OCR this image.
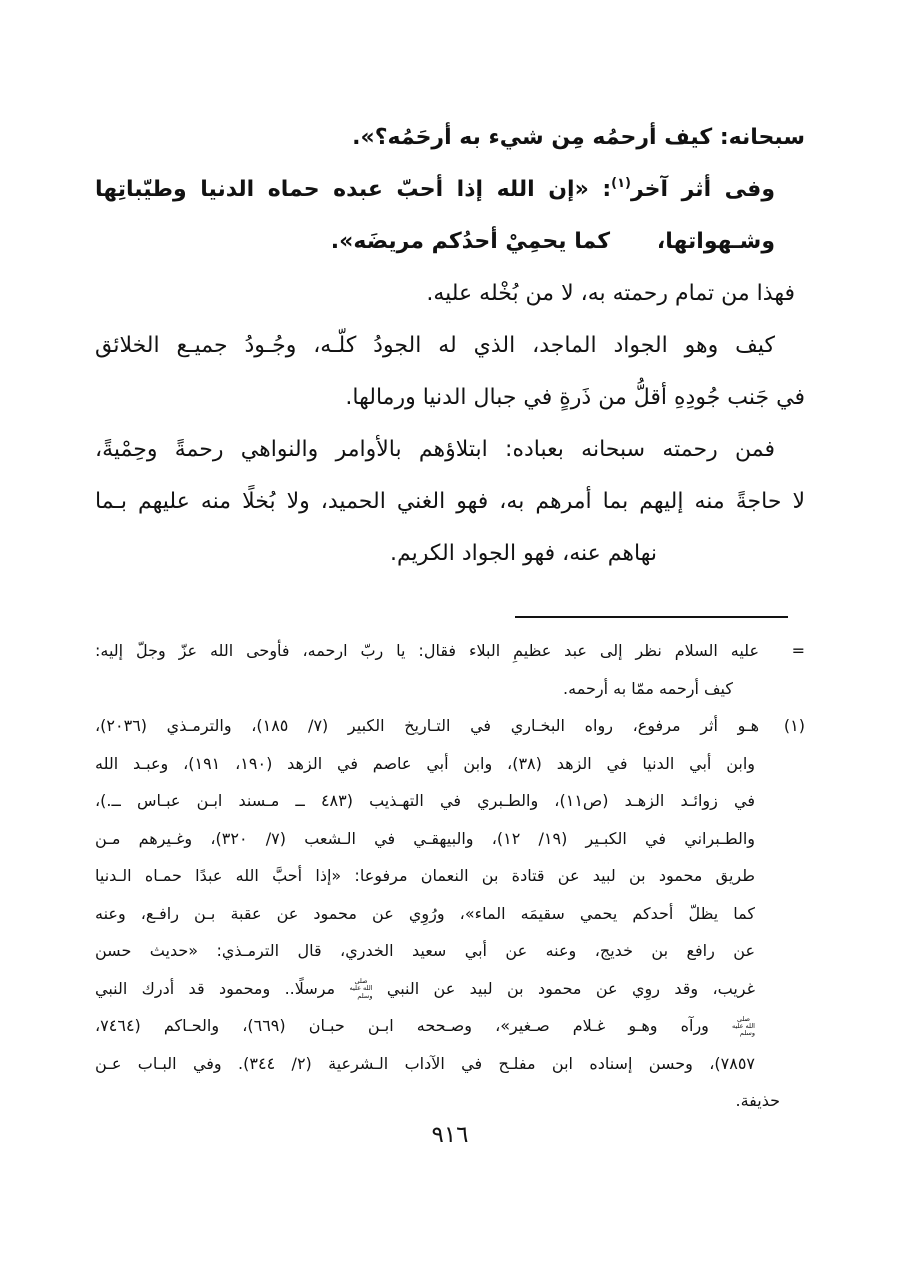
سبحانه: كيف أرحمُه مِن شيء به أرحَمُه؟».
وفى أثر آخر$^{(١)}$: «إن الله إذا أحبّ عبده حماه الدنيا وطيّباتِها وشـهواتها،
كما يحمِيْ أحدُكم مريضَه».
فهذا من تمام رحمته به، لا من بُخْله عليه.
كيف وهو الجواد الماجد، الذي له الجودُ كلّـه، وجُـودُ جميـع الخلائق
في جَنب جُودِهِ أقلُّ من ذَرةٍ في جبال الدنيا ورمالها.
فمن رحمته سبحانه بعباده: ابتلاؤهم بالأوامر والنواهي رحمةً وحِمْيةً،
لا حاجةً منه إليهم بما أمرهم به، فهو الغني الحميد، ولا بُخلًا منه عليهم بـما
نهاهم عنه، فهو الجواد الكريم.
=
عليه السلام نظر إلى عبد عظيمِ البلاء فقال: يا ربّ ارحمه، فأوحى الله عزّ وجلّ إليه:
كيف أرحمه ممّا به أرحمه.
(١)
هـو أثر مرفوع، رواه البخـاري في التـاريخ الكبير (٧/ ١٨٥)، والترمـذي (٢٠٣٦)،
وابن أبي الدنيا في الزهد (٣٨)، وابن أبي عاصم في الزهد (١٩٠، ١٩١)، وعبـد الله
في زوائـد الزهـد (ص١١)، والطـبري في التهـذيب (٤٨٣ ــ مـسند ابـن عبـاس ــ.)،
والطـبراني في الكبـير (١٩/ ١٢)، والبيهقـي في الـشعب (٧/ ٣٢٠)، وغـيرهم مـن
طريق محمود بن لبيد عن قتادة بن النعمان مرفوعا: «إذا أحبَّ الله عبدًا حمـاه الـدنيا
كما يظلّ أحدكم يحمي سقيمَه الماء»، ورُوِي عن محمود عن عقبة بـن رافـع، وعنه
عن رافع بن خديج، وعنه عن أبي سعيد الخدري، قال الترمـذي: «حديث حسن
غريب، وقد روِي عن محمود بن لبيد عن النبي صلى الله عليه وسلم مرسلًا.. ومحمود قد أدرك النبي
صلى الله عليه وسلم ورآه وهـو غـلام صـغير»، وصـححه ابـن حبـان (٦٦٩)، والحـاكم (٧٤٦٤،
٧٨٥٧)، وحسن إسناده ابن مفلـح في الآداب الـشرعية (٢/ ٣٤٤). وفي البـاب عـن
حذيفة.
٩١٦
